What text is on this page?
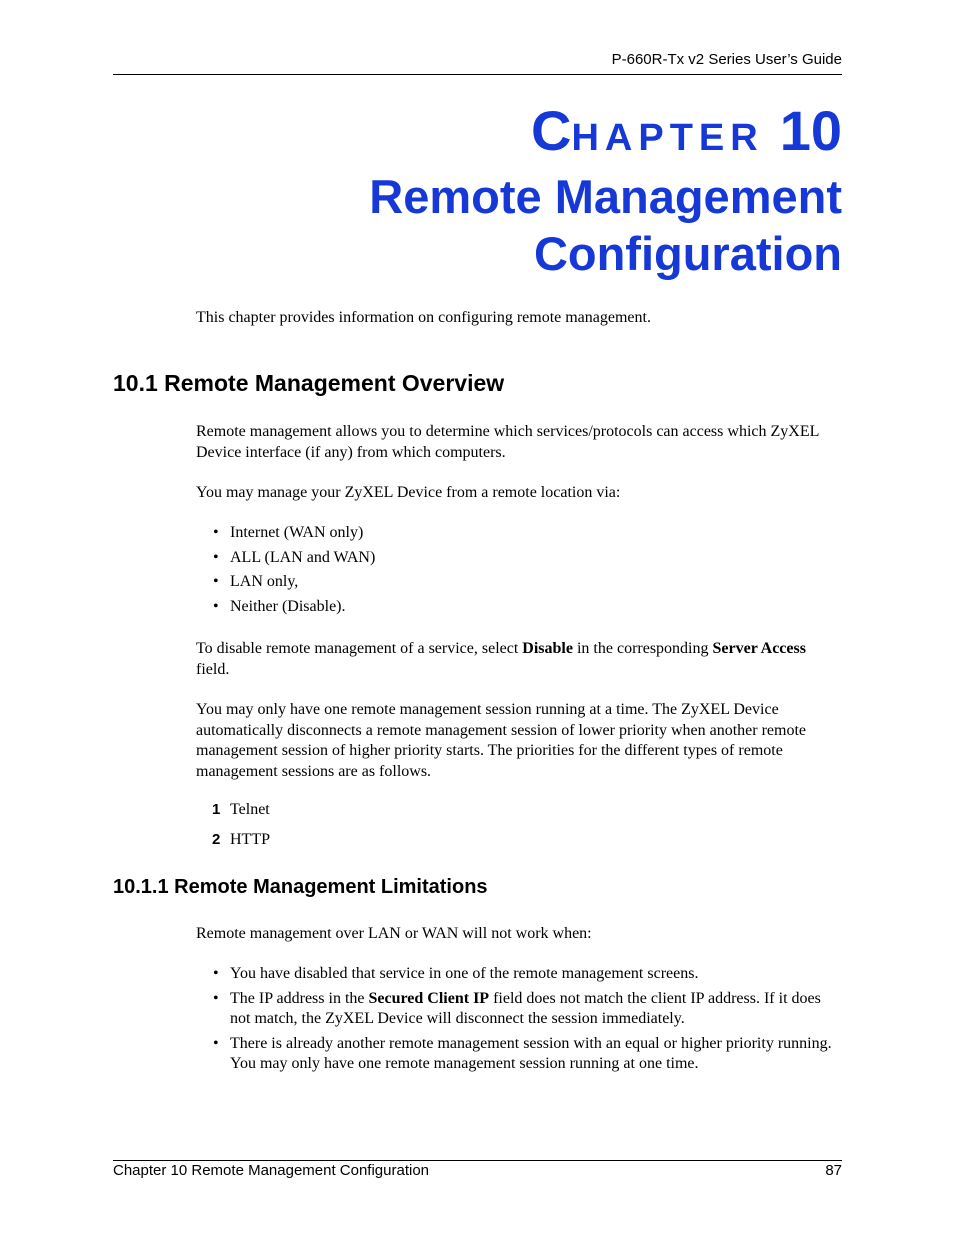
P-660R-Tx v2 Series User’s Guide
CHAPTER 10
Remote Management
Configuration
This chapter provides information on configuring remote management.
10.1 Remote Management Overview
Remote management allows you to determine which services/protocols can access which ZyXEL Device interface (if any) from which computers.
You may manage your ZyXEL Device from a remote location via:
• Internet (WAN only)
• ALL (LAN and WAN)
• LAN only,
• Neither (Disable).
To disable remote management of a service, select Disable in the corresponding Server Access field.
You may only have one remote management session running at a time. The ZyXEL Device automatically disconnects a remote management session of lower priority when another remote management session of higher priority starts. The priorities for the different types of remote management sessions are as follows.
1 Telnet
2 HTTP
10.1.1 Remote Management Limitations
Remote management over LAN or WAN will not work when:
• You have disabled that service in one of the remote management screens.
• The IP address in the Secured Client IP field does not match the client IP address. If it does not match, the ZyXEL Device will disconnect the session immediately.
• There is already another remote management session with an equal or higher priority running. You may only have one remote management session running at one time.
Chapter 10 Remote Management Configuration	87
